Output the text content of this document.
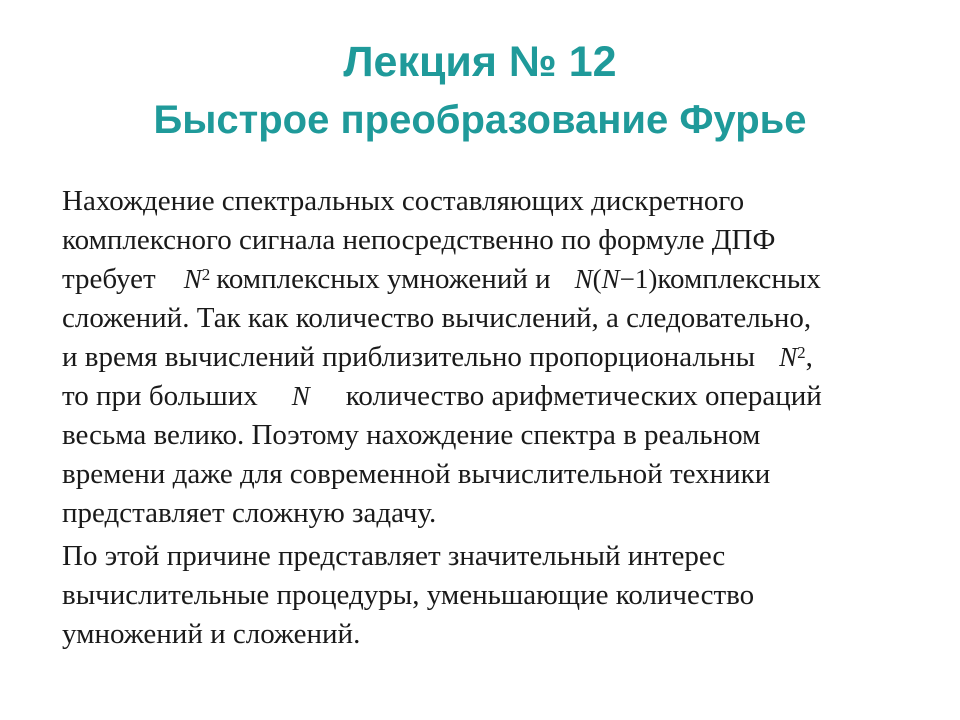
Лекция № 12
Быстрое преобразование Фурье
Нахождение спектральных составляющих дискретного
комплексного сигнала непосредственно по формуле ДПФ
требует $N^2$ комплексных умножений и N(N−1)комплексных
сложений. Так как количество вычислений, а следовательно,
и время вычислений приблизительно пропорциональны $N^2$,
то при больших N количество арифметических операций
весьма велико. Поэтому нахождение спектра в реальном
времени даже для современной вычислительной техники
представляет сложную задачу.
По этой причине представляет значительный интерес
вычислительные процедуры, уменьшающие количество
умножений и сложений.
